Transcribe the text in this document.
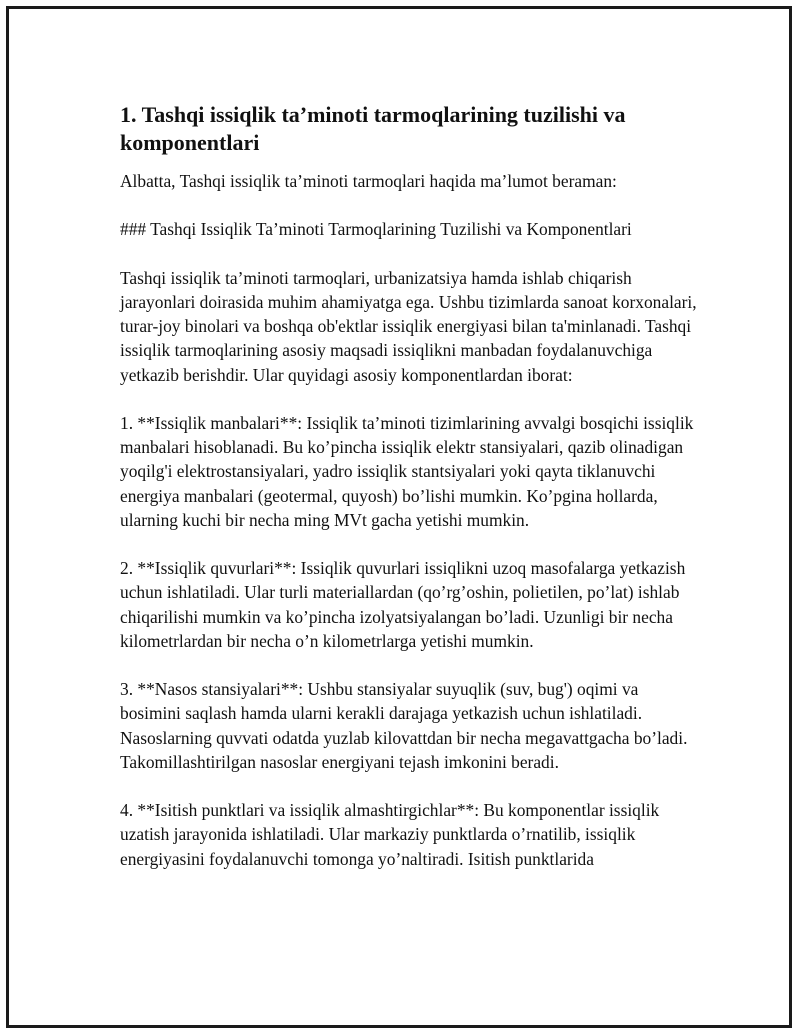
1. Tashqi issiqlik ta’minoti tarmoqlarining tuzilishi va komponentlari

Albatta, Tashqi issiqlik ta’minoti tarmoqlari haqida ma’lumot beraman:

### Tashqi Issiqlik Ta’minoti Tarmoqlarining Tuzilishi va Komponentlari

Tashqi issiqlik ta’minoti tarmoqlari, urbanizatsiya hamda ishlab chiqarish jarayonlari doirasida muhim ahamiyatga ega. Ushbu tizimlarda sanoat korxonalari, turar-joy binolari va boshqa ob'ektlar issiqlik energiyasi bilan ta'minlanadi. Tashqi issiqlik tarmoqlarining asosiy maqsadi issiqlikni manbadan foydalanuvchiga yetkazib berishdir. Ular quyidagi asosiy komponentlardan iborat:

1. **Issiqlik manbalari**: Issiqlik ta’minoti tizimlarining avvalgi bosqichi issiqlik manbalari hisoblanadi. Bu ko’pincha issiqlik elektr stansiyalari, qazib olinadigan yoqilg'i elektrostansiyalari, yadro issiqlik stantsiyalari yoki qayta tiklanuvchi energiya manbalari (geotermal, quyosh) bo’lishi mumkin. Ko’pgina hollarda, ularning kuchi bir necha ming MVt gacha yetishi mumkin.

2. **Issiqlik quvurlari**: Issiqlik quvurlari issiqlikni uzoq masofalarga yetkazish uchun ishlatiladi. Ular turli materiallardan (qo’rg’oshin, polietilen, po’lat) ishlab chiqarilishi mumkin va ko’pincha izolyatsiyalangan bo’ladi. Uzunligi bir necha kilometrlardan bir necha o’n kilometrlarga yetishi mumkin.

3. **Nasos stansiyalari**: Ushbu stansiyalar suyuqlik (suv, bug') oqimi va bosimini saqlash hamda ularni kerakli darajaga yetkazish uchun ishlatiladi. Nasoslarning quvvati odatda yuzlab kilovattdan bir necha megavattgacha bo’ladi. Takomillashtirilgan nasoslar energiyani tejash imkonini beradi.

4. **Isitish punktlari va issiqlik almashtirgichlar**: Bu komponentlar issiqlik uzatish jarayonida ishlatiladi. Ular markaziy punktlarda o’rnatilib, issiqlik energiyasini foydalanuvchi tomonga yo’naltiradi. Isitish punktlarida
